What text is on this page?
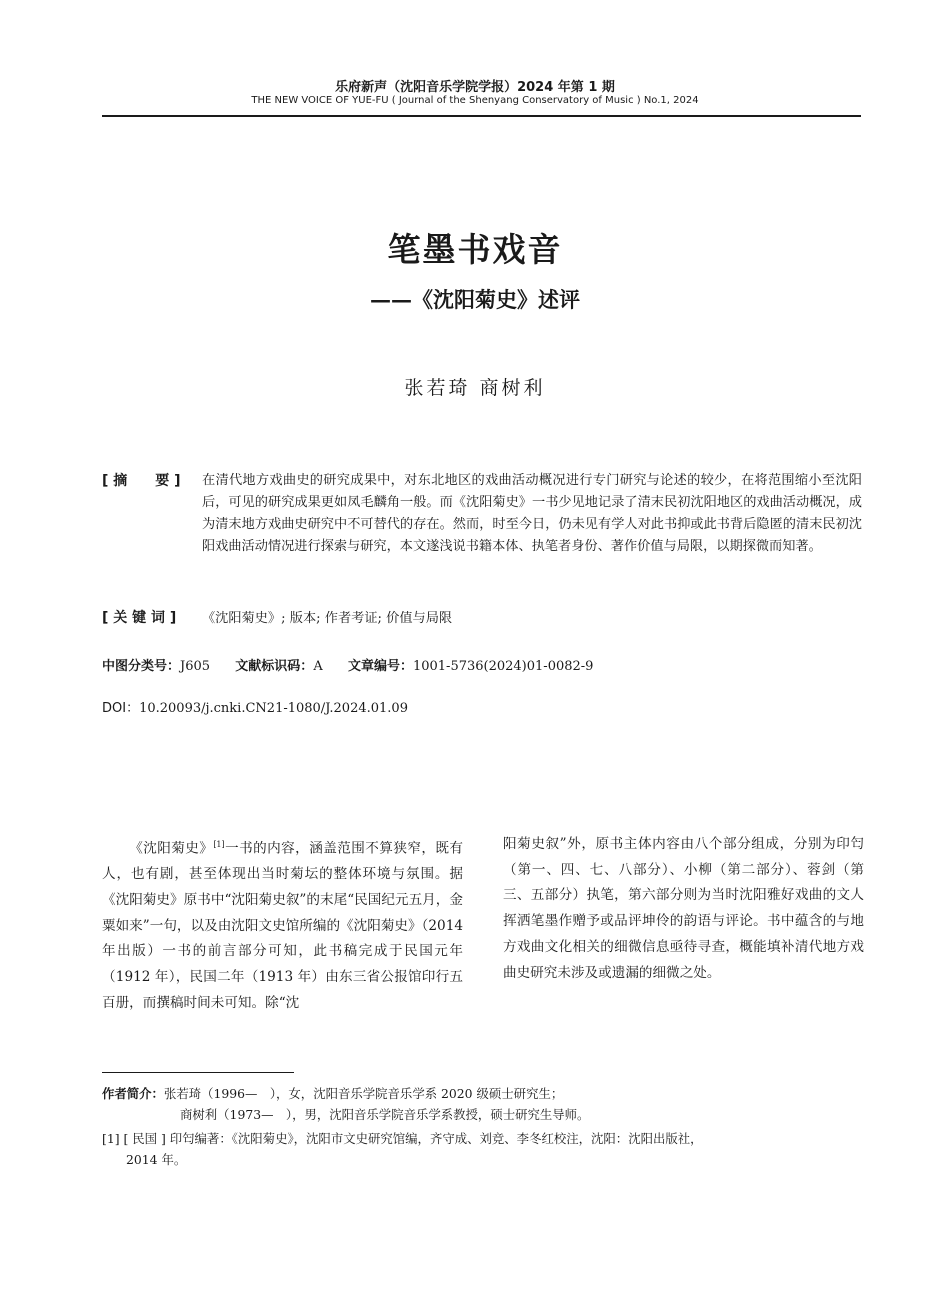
乐府新声（沈阳音乐学院学报）2024 年第 1 期
THE NEW VOICE OF YUE-FU ( Journal of the Shenyang Conservatory of Music ) No.1, 2024
笔墨书戏音
——《沈阳菊史》述评
张若琦 商树利
[ 摘　　要 ] 在清代地方戏曲史的研究成果中，对东北地区的戏曲活动概况进行专门研究与论述的较少，在将范围缩小至沈阳后，可见的研究成果更如凤毛麟角一般。而《沈阳菊史》一书少见地记录了清末民初沈阳地区的戏曲活动概况，成为清末地方戏曲史研究中不可替代的存在。然而，时至今日，仍未见有学人对此书抑或此书背后隐匿的清末民初沈阳戏曲活动情况进行探索与研究，本文遂浅说书籍本体、执笔者身份、著作价值与局限，以期探微而知著。
[ 关 键 词 ] 《沈阳菊史》; 版本; 作者考证; 价值与局限
中图分类号：J605 文献标识码：A 文章编号：1001-5736(2024)01-0082-9
DOI：10.20093/j.cnki.CN21-1080/J.2024.01.09
《沈阳菊史》[1]一书的内容，涵盖范围不算狭窄，既有人，也有剧，甚至体现出当时菊坛的整体环境与氛围。据《沈阳菊史》原书中“沈阳菊史叙”的末尾“民国纪元五月，金粟如来”一句，以及由沈阳文史馆所编的《沈阳菊史》（2014 年出版）一书的前言部分可知，此书稿完成于民国元年（1912 年），民国二年（1913 年）由东三省公报馆印行五百册，而撰稿时间未可知。除“沈
阳菊史叙”外，原书主体内容由八个部分组成，分别为印匄（第一、四、七、八部分）、小柳（第二部分）、蓉剑（第三、五部分）执笔，第六部分则为当时沈阳雅好戏曲的文人挥洒笔墨作赠予或品评坤伶的韵语与评论。书中蕴含的与地方戏曲文化相关的细微信息亟待寻查，概能填补清代地方戏曲史研究未涉及或遗漏的细微之处。
作者简介：张若琦（1996—　），女，沈阳音乐学院音乐学系 2020 级硕士研究生；
商树利（1973—　），男，沈阳音乐学院音乐学系教授，硕士研究生导师。
[1] [ 民国 ] 印匄编著：《沈阳菊史》，沈阳市文史研究馆编，齐守成、刘竞、李冬红校注，沈阳：沈阳出版社，
2014 年。
